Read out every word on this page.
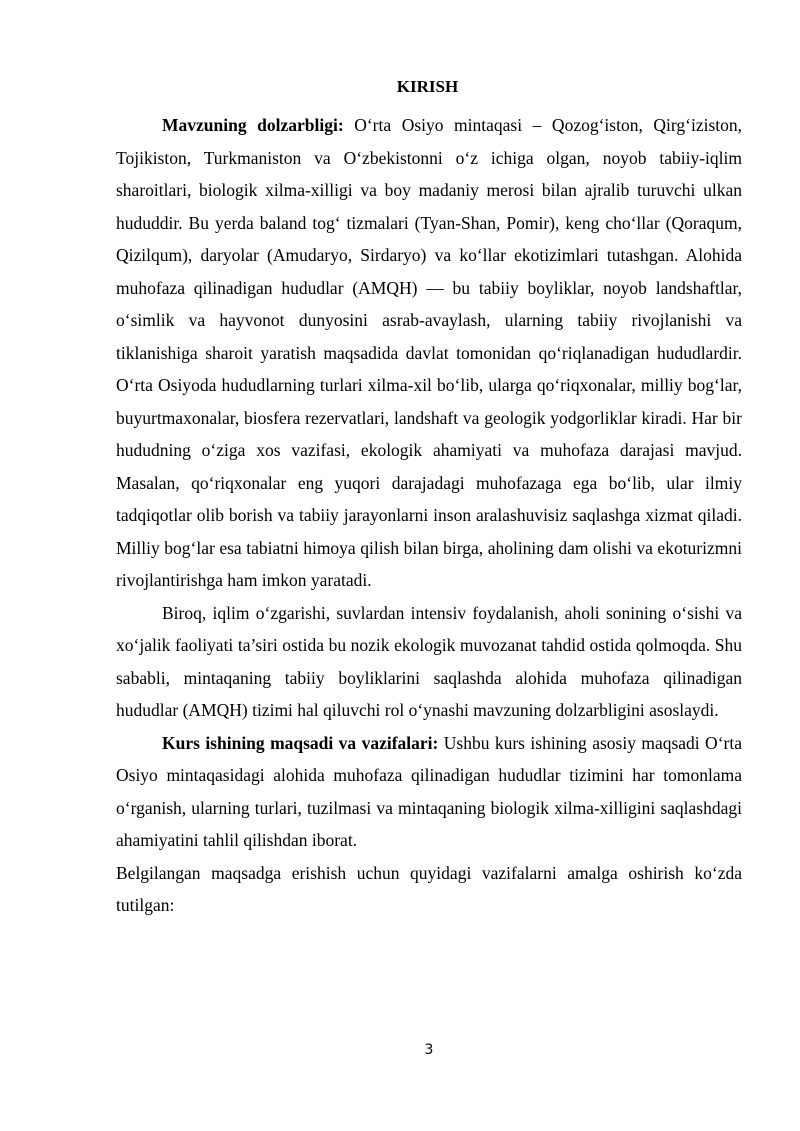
KIRISH

Mavzuning dolzarbligi: O‘rta Osiyo mintaqasi – Qozog‘iston, Qirg‘iziston, Tojikiston, Turkmaniston va O‘zbekistonni o‘z ichiga olgan, noyob tabiiy-iqlim sharoitlari, biologik xilma-xilligi va boy madaniy merosi bilan ajralib turuvchi ulkan hududdir. Bu yerda baland tog‘ tizmalari (Tyan-Shan, Pomir), keng cho‘llar (Qoraqum, Qizilqum), daryolar (Amudaryo, Sirdaryo) va ko‘llar ekotizimlari tutashgan. Alohida muhofaza qilinadigan hududlar (AMQH) — bu tabiiy boyliklar, noyob landshaftlar, o‘simlik va hayvonot dunyosini asrab-avaylash, ularning tabiiy rivojlanishi va tiklanishiga sharoit yaratish maqsadida davlat tomonidan qo‘riqlanadigan hududlardir. O‘rta Osiyoda hududlarning turlari xilma-xil bo‘lib, ularga qo‘riqxonalar, milliy bog‘lar, buyurtmaxonalar, biosfera rezervatlari, landshaft va geologik yodgorliklar kiradi. Har bir hududning o‘ziga xos vazifasi, ekologik ahamiyati va muhofaza darajasi mavjud. Masalan, qo‘riqxonalar eng yuqori darajadagi muhofazaga ega bo‘lib, ular ilmiy tadqiqotlar olib borish va tabiiy jarayonlarni inson aralashuvisiz saqlashga xizmat qiladi. Milliy bog‘lar esa tabiatni himoya qilish bilan birga, aholining dam olishi va ekoturizmni rivojlantirishga ham imkon yaratadi.

Biroq, iqlim o‘zgarishi, suvlardan intensiv foydalanish, aholi sonining o‘sishi va xo‘jalik faoliyati ta’siri ostida bu nozik ekologik muvozanat tahdid ostida qolmoqda. Shu sababli, mintaqaning tabiiy boyliklarini saqlashda alohida muhofaza qilinadigan hududlar (AMQH) tizimi hal qiluvchi rol o‘ynashi mavzuning dolzarbligini asoslaydi.

Kurs ishining maqsadi va vazifalari: Ushbu kurs ishining asosiy maqsadi O‘rta Osiyo mintaqasidagi alohida muhofaza qilinadigan hududlar tizimini har tomonlama o‘rganish, ularning turlari, tuzilmasi va mintaqaning biologik xilma-xilligini saqlashdagi ahamiyatini tahlil qilishdan iborat.

Belgilangan maqsadga erishish uchun quyidagi vazifalarni amalga oshirish ko‘zda tutilgan:

3
